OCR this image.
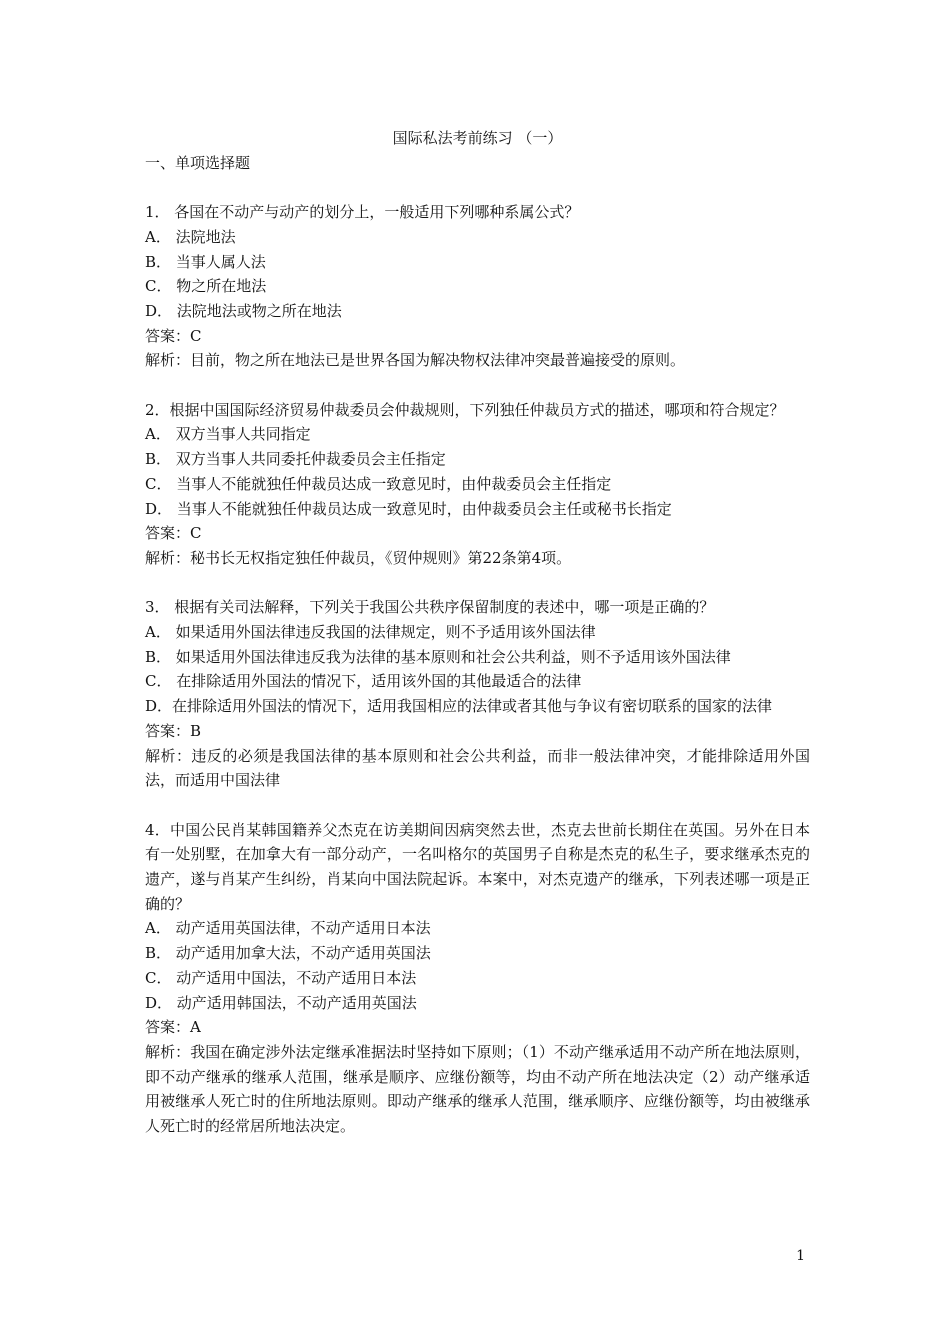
国际私法考前练习 （一）

一、单项选择题

1． 各国在不动产与动产的划分上，一般适用下列哪种系属公式？

A． 法院地法

B． 当事人属人法

C． 物之所在地法

D． 法院地法或物之所在地法

答案：C

解析：目前，物之所在地法已是世界各国为解决物权法律冲突最普遍接受的原则。

2．根据中国国际经济贸易仲裁委员会仲裁规则，下列独任仲裁员方式的描述，哪项和符合规定？

A． 双方当事人共同指定

B． 双方当事人共同委托仲裁委员会主任指定

C． 当事人不能就独任仲裁员达成一致意见时，由仲裁委员会主任指定

D． 当事人不能就独任仲裁员达成一致意见时，由仲裁委员会主任或秘书长指定

答案：C

解析：秘书长无权指定独任仲裁员，《贸仲规则》第22条第4项。

3． 根据有关司法解释，下列关于我国公共秩序保留制度的表述中，哪一项是正确的？

A． 如果适用外国法律违反我国的法律规定，则不予适用该外国法律

B． 如果适用外国法律违反我为法律的基本原则和社会公共利益，则不予适用该外国法律

C． 在排除适用外国法的情况下，适用该外国的其他最适合的法律

D．在排除适用外国法的情况下，适用我国相应的法律或者其他与争议有密切联系的国家的法律

答案：B

解析：违反的必须是我国法律的基本原则和社会公共利益，而非一般法律冲突，才能排除适用外国法，而适用中国法律

4．中国公民肖某韩国籍养父杰克在访美期间因病突然去世，杰克去世前长期住在英国。另外在日本有一处别墅，在加拿大有一部分动产，一名叫格尔的英国男子自称是杰克的私生子，要求继承杰克的遗产，遂与肖某产生纠纷，肖某向中国法院起诉。本案中，对杰克遗产的继承，下列表述哪一项是正确的？

A． 动产适用英国法律，不动产适用日本法

B． 动产适用加拿大法，不动产适用英国法

C． 动产适用中国法，不动产适用日本法

D． 动产适用韩国法，不动产适用英国法

答案：A

解析：我国在确定涉外法定继承准据法时坚持如下原则；（1）不动产继承适用不动产所在地法原则，即不动产继承的继承人范围，继承是顺序、应继份额等，均由不动产所在地法决定（2）动产继承适用被继承人死亡时的住所地法原则。即动产继承的继承人范围，继承顺序、应继份额等，均由被继承人死亡时的经常居所地法决定。

1
